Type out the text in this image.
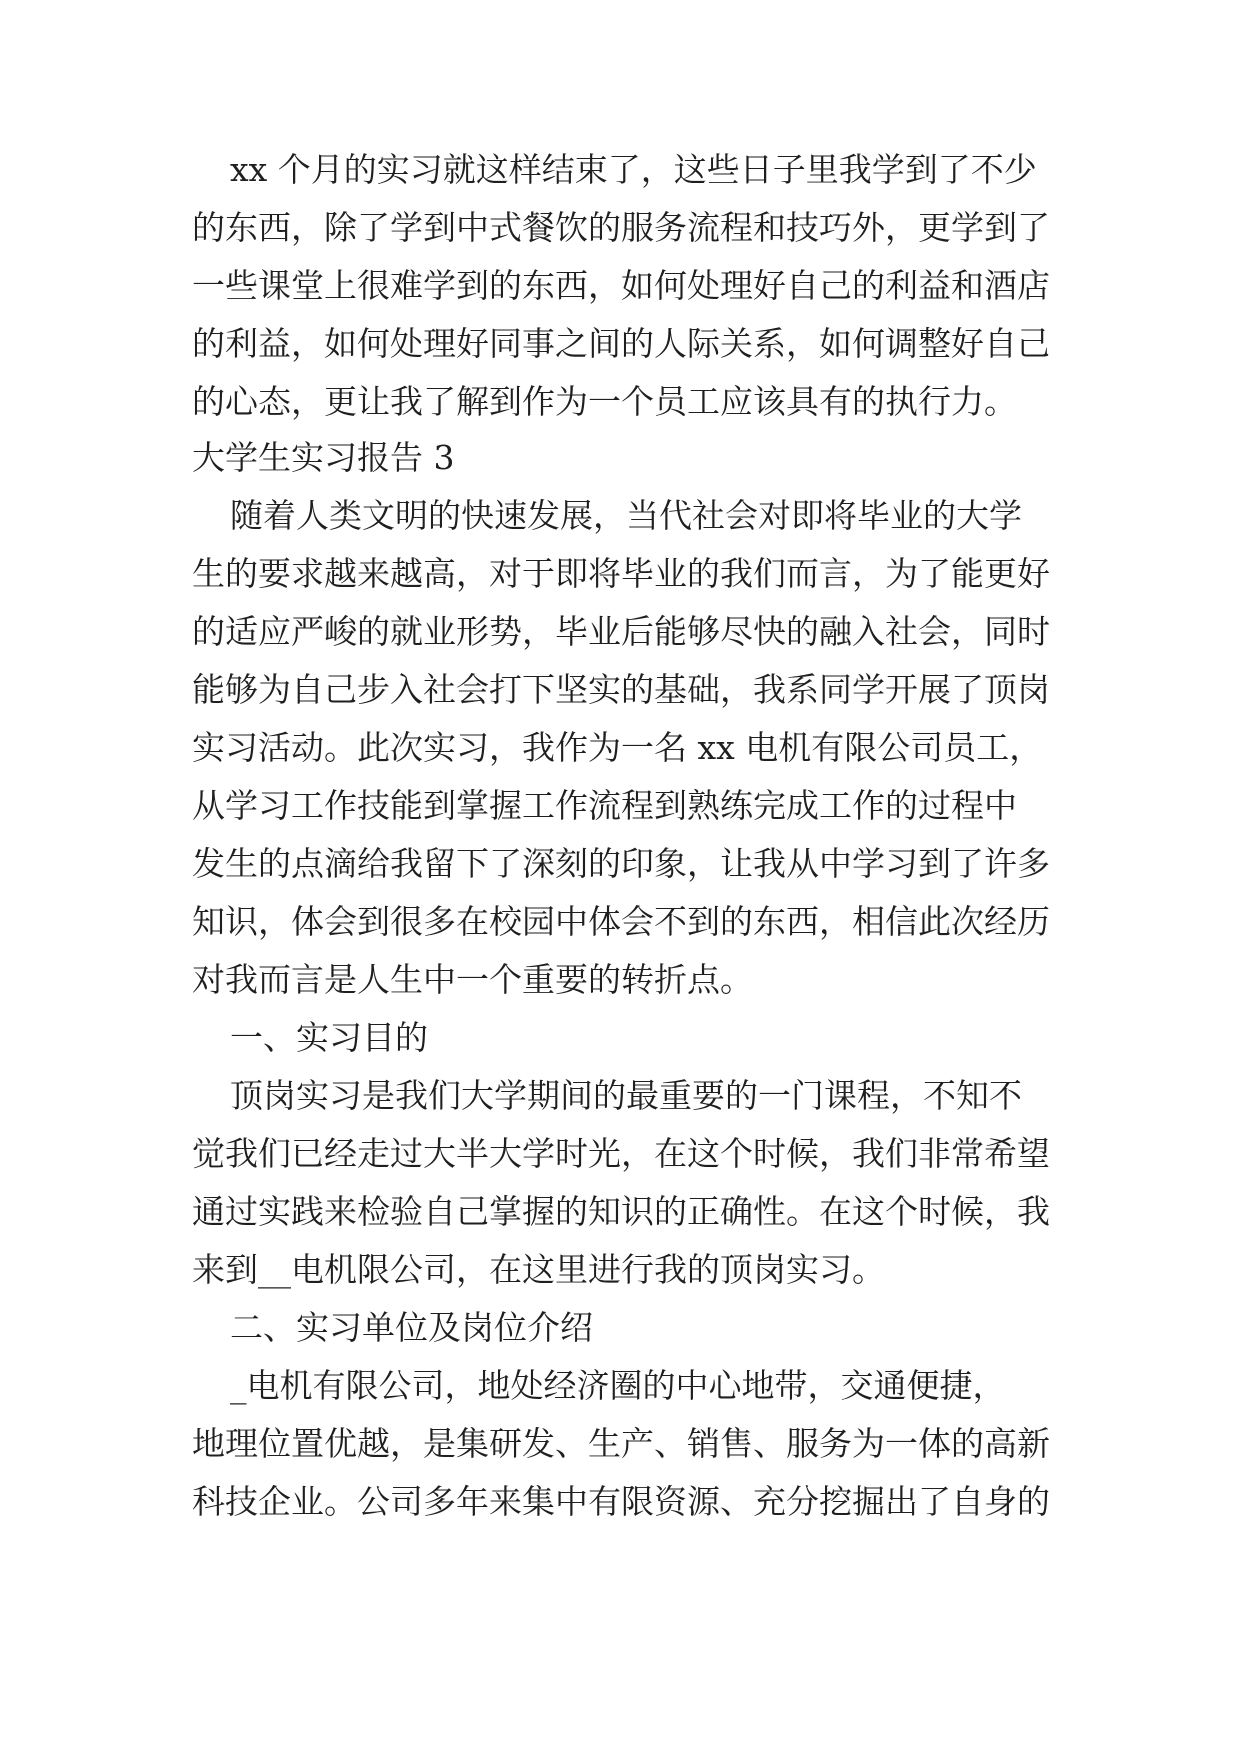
xx 个月的实习就这样结束了，这些日子里我学到了不少
的东西，除了学到中式餐饮的服务流程和技巧外，更学到了
一些课堂上很难学到的东西，如何处理好自己的利益和酒店
的利益，如何处理好同事之间的人际关系，如何调整好自己
的心态，更让我了解到作为一个员工应该具有的执行力。
大学生实习报告 3
随着人类文明的快速发展，当代社会对即将毕业的大学
生的要求越来越高，对于即将毕业的我们而言，为了能更好
的适应严峻的就业形势，毕业后能够尽快的融入社会，同时
能够为自己步入社会打下坚实的基础，我系同学开展了顶岗
实习活动。此次实习，我作为一名 xx 电机有限公司员工，
从学习工作技能到掌握工作流程到熟练完成工作的过程中
发生的点滴给我留下了深刻的印象，让我从中学习到了许多
知识，体会到很多在校园中体会不到的东西，相信此次经历
对我而言是人生中一个重要的转折点。
一、实习目的
顶岗实习是我们大学期间的最重要的一门课程，不知不
觉我们已经走过大半大学时光，在这个时候，我们非常希望
通过实践来检验自己掌握的知识的正确性。在这个时候，我
来到__电机限公司，在这里进行我的顶岗实习。
二、实习单位及岗位介绍
_电机有限公司，地处经济圈的中心地带，交通便捷，
地理位置优越，是集研发、生产、销售、服务为一体的高新
科技企业。公司多年来集中有限资源、充分挖掘出了自身的
